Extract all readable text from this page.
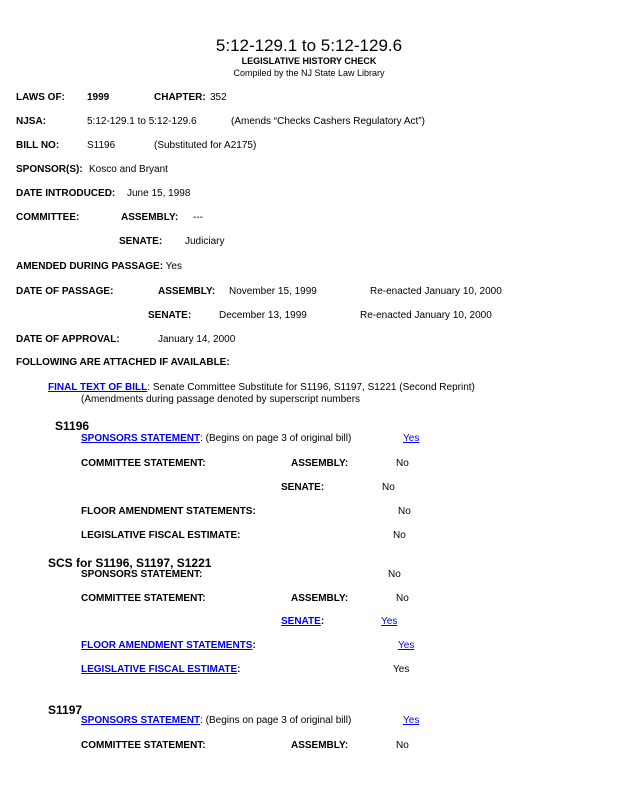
5:12-129.1 to 5:12-129.6
LEGISLATIVE HISTORY CHECK
Compiled by the NJ State Law Library
LAWS OF: 1999	CHAPTER: 352
NJSA:	5:12-129.1 to 5:12-129.6	(Amends “Checks Cashers Regulatory Act”)
BILL NO:	S1196	(Substituted for A2175)
SPONSOR(S): Kosco and Bryant
DATE INTRODUCED: June 15, 1998
COMMITTEE:	ASSEMBLY: ---
SENATE: Judiciary
AMENDED DURING PASSAGE: Yes
DATE OF PASSAGE:	ASSEMBLY: November 15, 1999	Re-enacted January 10, 2000
SENATE:	December 13, 1999	Re-enacted January 10, 2000
DATE OF APPROVAL:	January 14, 2000
FOLLOWING ARE ATTACHED IF AVAILABLE:
FINAL TEXT OF BILL: Senate Committee Substitute for S1196, S1197, S1221 (Second Reprint)
(Amendments during passage denoted by superscript numbers
S1196
SPONSORS STATEMENT: (Begins on page 3 of original bill)	Yes
COMMITTEE STATEMENT:	ASSEMBLY:	No
SENATE:	No
FLOOR AMENDMENT STATEMENTS:	No
LEGISLATIVE FISCAL ESTIMATE:	No
SCS for S1196, S1197, S1221
SPONSORS STATEMENT:	No
COMMITTEE STATEMENT:	ASSEMBLY:	No
SENATE:	Yes
FLOOR AMENDMENT STATEMENTS:	Yes
LEGISLATIVE FISCAL ESTIMATE:	Yes
S1197
SPONSORS STATEMENT: (Begins on page 3 of original bill)	Yes
COMMITTEE STATEMENT:	ASSEMBLY:	No
